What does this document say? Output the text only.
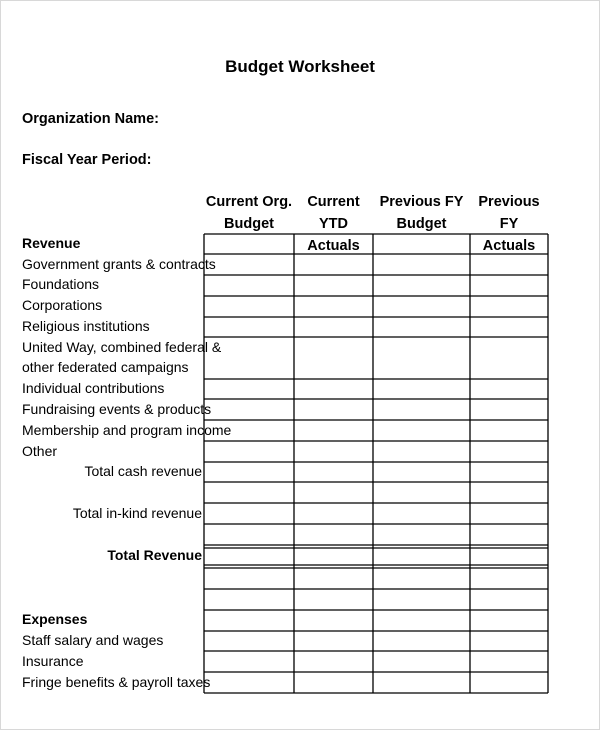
Budget Worksheet
Organization Name:
Fiscal Year Period:
Current Org.
Budget
Current YTD
Actuals
Previous FY
Budget
Previous FY
Actuals
Revenue
Government grants & contracts
Foundations
Corporations
Religious institutions
United Way, combined federal &
other federated campaigns
Individual contributions
Fundraising events & products
Membership and program income
Other
Total cash revenue
Total in-kind revenue
Total Revenue
Expenses
Staff salary and wages
Insurance
Fringe benefits & payroll taxes
